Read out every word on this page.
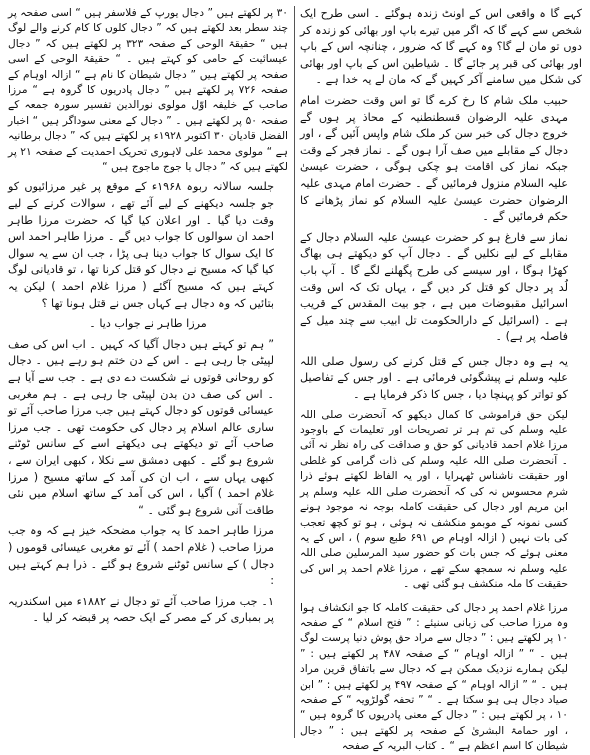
کہے گا ہ واقعی اس کے اونٹ زندہ ہوگئے ۔ اسی طرح ایک شخص سے کہے گا کہ اگر میں تیرے باپ اور بھائی کو زندہ کر دوں تو مان لے گا؟ وہ کہے گا کہ ضرور ، چنانچہ اس کے باپ اور بھائی کی قبر پر جائے گا ۔ شیاطین اس کے باپ اور بھائی کی شکل میں سامنے آکر کہیں گے کہ مان لے یہ خدا ہے ۔

حبیب ملک شام کا رخ کرے گا تو اس وقت حضرت امام مہدی علیہ الرضوان قسطنطنیہ کے محاذ پر ہوں گے خروج دجال کی خبر سن کر ملک شام واپس آئیں گے ، اور دجال کے مقابلے میں صف آرا ہوں گے ۔ نماز فجر کے وقت جبکہ نماز کی اقامت ہو چکی ہوگی ، حضرت عیسیٰ علیہ السلام منزول فرمائیں گے ۔ حضرت امام مہدی علیہ الرضوان حضرت عیسیٰ علیہ السلام کو نماز پڑھانے کا حکم فرمائیں گے ۔

نماز سے فارغ ہو کر حضرت عیسیٰ علیہ السلام دجال کے مقابلے کے لیے نکلیں گے ۔ دجال آپ کو دیکھتے ہی بھاگ کھڑا ہوگا ، اور سیسے کی طرح پگھلنے لگے گا ۔ آپ باب لُد پر دجال کو قتل کر دیں گے ، یہاں تک کہ اس وقت اسرائیل مقبوضات میں ہے ، جو بیت المقدس کے قریب ہے ۔ (اسرائیل کے دارالحکومت تل ابیب سے چند میل کے فاصلہ پر ہے) ۔

یہ ہے وہ دجال جس کے قتل کرنے کی رسول صلی اللہ علیہ وسلم نے پیشگوئی فرمائی ہے ۔ اور جس کے تفاصیل کو تواتر کو پہنچا دیا ، جس کا ذکر فرمایا ہے ۔

لیکن حق فراموشی کا کمال دیکھو کہ آنحضرت صلی اللہ علیہ وسلم کی تم ہر تر تصریحات اور تعلیمات کے باوجود مرزا غلام احمد قادیانی کو حق و صداقت کی راہ نظر نہ آئی ۔ آنحضرت صلی اللہ علیہ وسلم کی ذات گرامی کو غلطی اور حقیقت ناشناس ٹھہرایا ، اور یہ الفاظ لکھتے ہوئے ذرا شرم محسوس نہ کی کہ آنحضرت صلی اللہ علیہ وسلم پر ابن مریم اور دجال کی حقیقت کاملہ بوجہ نہ موجود ہونے کسی نمونہ کے موبمو منکشف نہ ہوئی ، ہو تو کچھ تعجب کی بات نہیں ( ازالہ اوہام ص ۶۹۱ طبع سوم ) ، اس کے یہ معنی ہوئے کہ جس بات کو حضور سید المرسلین صلی اللہ علیہ وسلم نہ سمجھ سکے تھے ، مرزا غلام احمد پر اس کی حقیقت کا ملہ منکشف ہو گئی تھی ۔

مرزا غلام احمد پر دجال کی حقیقت کاملہ کا جو انکشاف ہوا وہ مرزا صاحب کی زبانی سنیئے : ” فتح اسلام “ کے صفحہ ۱۰ پر لکھتے ہیں : ” دجال سے مراد حق پوش دنیا پرست لوگ ہیں ۔ “ ” ازالہ اوہام “ کے صفحہ ۴۸۷ پر لکھتے ہیں : ” لیکن ہمارے نزدیک ممکن ہے کہ دجال سے باتفاق قرین مراد ہیں ۔ “ ” ازالہ اوہام “ کے صفحہ ۴۹۷ پر لکھتے ہیں : ” ابن صیاد دجال ہی ہو سکتا ہے ۔ “ ” تحفہ گولڑویہ “ کے صفحہ ۱۰ ، پر لکھتے ہیں : ” دجال کے معنی پادریوں کا گروہ ہیں “ ، اور حمامۃ البشریٰ کے صفحہ پر لکھتے ہیں : ” دجال شیطان کا اسم اعظم ہے “ ۔ کتاب البریہ کے صفحہ

۳۰ پر لکھتے ہیں ” دجال یورپ کے فلاسفر ہیں “ اسی صفحہ پر چند سطر بعد لکھتے ہیں کہ ” دجال کلوں کا کام کرنے والے لوگ ہیں “ حقیقۃ الوحی کے صفحہ ۳۲۳ پر لکھتے ہیں کہ ” دجال عیسائیت کے حامی کو کہتے ہیں ۔ “ حقیقۃ الوحی کے اسی صفحہ پر لکھتے ہیں ” دجال شیطان کا نام ہے “ ازالہ اوہام کے صفحہ ۷۲۶ پر لکھتے ہیں ” دجال پادریوں کا گروہ ہے “ مرزا صاحب کے خلیفہ اوّل مولوی نورالدین تفسیر سورہ جمعہ کے صفحہ ۵۰ پر لکھتے ہیں ۔ ” دجال کے معنی سوداگر ہیں “ اخبار الفضل قادیان ۳۰ اکتوبر ۱۹۲۸ء پر لکھتے ہیں کہ ” دجال برطانیہ ہے “ مولوی محمد علی لاہوری تحریک احمدیت کے صفحہ ۲۱ پر لکھتے ہیں کہ ” دجال یا جوج ماجوج ہیں “

جلسہ سالانہ ربوہ ۱۹۶۸ء کے موقع پر غیر مرزائیوں کو جو جلسہ دیکھنے کے لیے آئے تھے ، سوالات کرنے کے لیے وقت دیا گیا ۔ اور اعلان کیا گیا کہ حضرت مرزا طاہر احمد ان سوالوں کا جواب دیں گے ۔ مرزا طاہر احمد اس کا ایک سوال کا جواب دینا ہی پڑا ، جب ان سے یہ سوال کیا گیا کہ مسیح نے دجال کو قتل کرنا تھا ، تو قادیانی لوگ کہتے ہیں کہ مسیح آگئے ( مرزا غلام احمد ) لیکن یہ بتائیں کہ وہ دجال ہے کہاں جس نے قتل ہونا تھا ؟

مرزا طاہر نے جواب دیا ۔

” ہم تو کہتے ہیں دجال آگیا کہ کہیں ۔ اب اس کی صف لپیٹی جا رہی ہے ۔ اس کے دن ختم ہو رہے ہیں ۔ دجال کو روحانی قوتوں نے شکست دے دی ہے ۔ جب سے آیا ہے ۔ اس کی صف دن بدن لپیٹی جا رہی ہے ۔ ہم مغربی عیسائی قوتوں کو دجال کہتے ہیں جب مرزا صاحب آئے تو ساری عالم اسلام پر دجال کی حکومت تھی ۔ جب مرزا صاحب آئے تو دیکھتے ہی دیکھتے اسے کے سانس ٹوٹنے شروع ہو گئے ۔ کبھی دمشق سے نکلا ، کبھی ایران سے ، کبھی یہاں سے ، اب ان کی آمد کے ساتھ مسیح ( مرزا غلام احمد ) آگیا ، اس کی آمد کے ساتھ اسلام میں نئی طاقت آنی شروع ہو گئی ۔ “

مرزا طاہر احمد کا یہ جواب مضحکہ خیز ہے کہ وہ جب مرزا صاحب ( غلام احمد ) آئے تو مغربی عیسائی قوموں ( دجال ) کے سانس ٹوٹنے شروع ہو گئے ۔ ذرا ہم کہتے ہیں :

۱۔ جب مرزا صاحب آئے تو دجال نے ۱۸۸۲ء میں اسکندریہ پر بمباری کر کے مصر کے ایک حصہ پر قبضہ کر لیا ۔
